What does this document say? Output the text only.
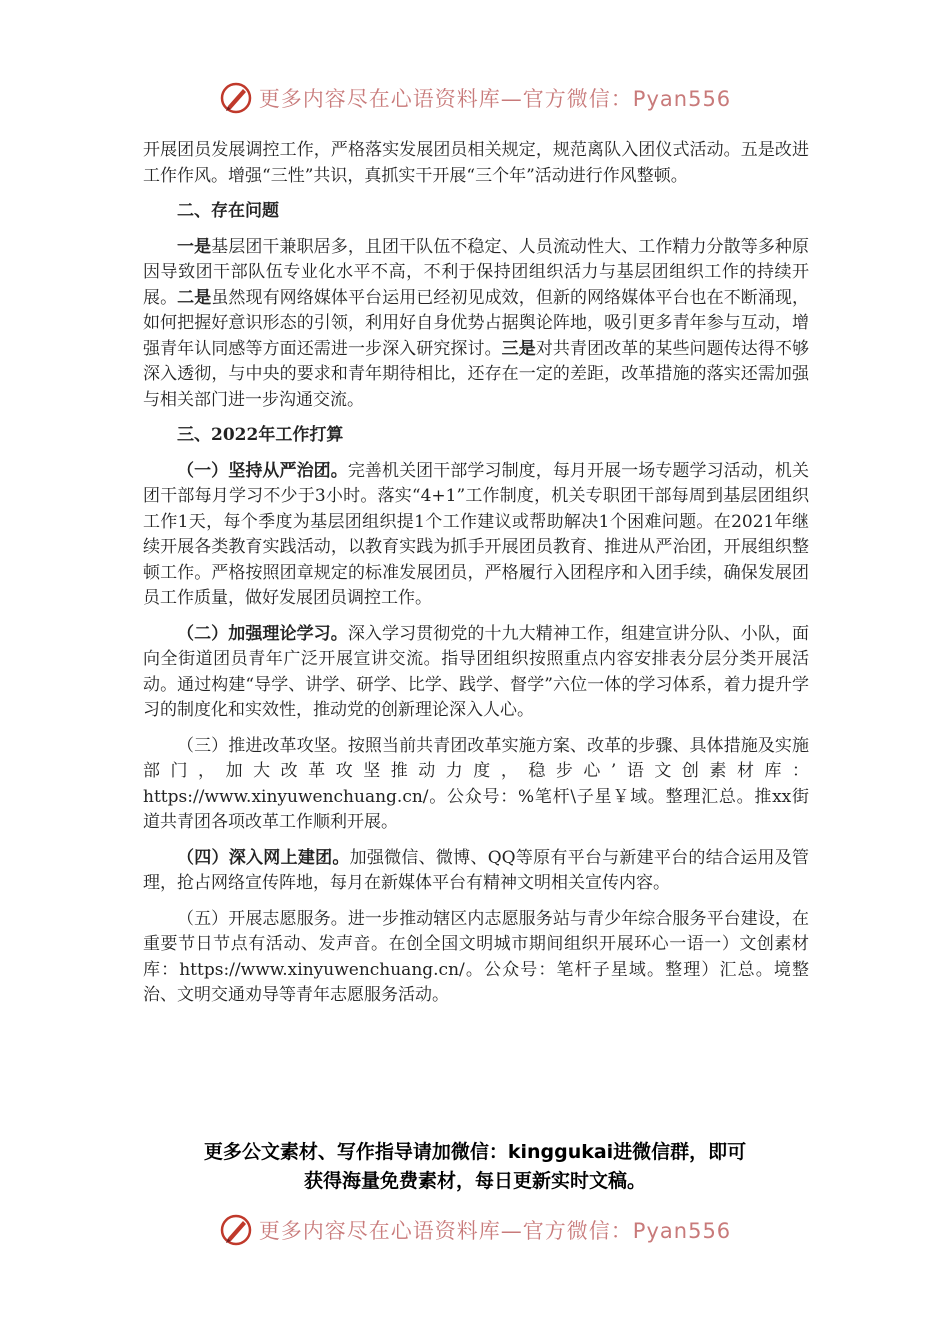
更多内容尽在心语资料库—官方微信：Pyan556

开展团员发展调控工作，严格落实发展团员相关规定，规范离队入团仪式活动。五是改进工作作风。增强“三性”共识，真抓实干开展“三个年”活动进行作风整顿。

二、存在问题

一是基层团干兼职居多，且团干队伍不稳定、人员流动性大、工作精力分散等多种原因导致团干部队伍专业化水平不高，不利于保持团组织活力与基层团组织工作的持续开展。二是虽然现有网络媒体平台运用已经初见成效，但新的网络媒体平台也在不断涌现，如何把握好意识形态的引领，利用好自身优势占据舆论阵地，吸引更多青年参与互动，增强青年认同感等方面还需进一步深入研究探讨。三是对共青团改革的某些问题传达得不够深入透彻，与中央的要求和青年期待相比，还存在一定的差距，改革措施的落实还需加强与相关部门进一步沟通交流。

三、2022年工作打算

（一）坚持从严治团。完善机关团干部学习制度，每月开展一场专题学习活动，机关团干部每月学习不少于3小时。落实“4+1”工作制度，机关专职团干部每周到基层团组织工作1天，每个季度为基层团组织提1个工作建议或帮助解决1个困难问题。在2021年继续开展各类教育实践活动，以教育实践为抓手开展团员教育、推进从严治团，开展组织整顿工作。严格按照团章规定的标准发展团员，严格履行入团程序和入团手续，确保发展团员工作质量，做好发展团员调控工作。

（二）加强理论学习。深入学习贯彻党的十九大精神工作，组建宣讲分队、小队，面向全街道团员青年广泛开展宣讲交流。指导团组织按照重点内容安排表分层分类开展活动。通过构建“导学、讲学、研学、比学、践学、督学”六位一体的学习体系，着力提升学习的制度化和实效性，推动党的创新理论深入人心。

（三）推进改革攻坚。按照当前共青团改革实施方案、改革的步骤、具体措施及实施部门，加大改革攻坚推动力度，稳步心’语文创素材库：https://www.xinyuwenchuang.cn/。公众号：%笔杆\子星￥域。整理汇总。推xx街道共青团各项改革工作顺利开展。

（四）深入网上建团。加强微信、微博、QQ等原有平台与新建平台的结合运用及管理，抢占网络宣传阵地，每月在新媒体平台有精神文明相关宣传内容。

（五）开展志愿服务。进一步推动辖区内志愿服务站与青少年综合服务平台建设，在重要节日节点有活动、发声音。在创全国文明城市期间组织开展环心一语一）文创素材库：https://www.xinyuwenchuang.cn/。公众号：笔杆子星域。整理）汇总。境整治、文明交通劝导等青年志愿服务活动。

更多公文素材、写作指导请加微信：kinggukai进微信群，即可
获得海量免费素材，每日更新实时文稿。
更多内容尽在心语资料库—官方微信：Pyan556
